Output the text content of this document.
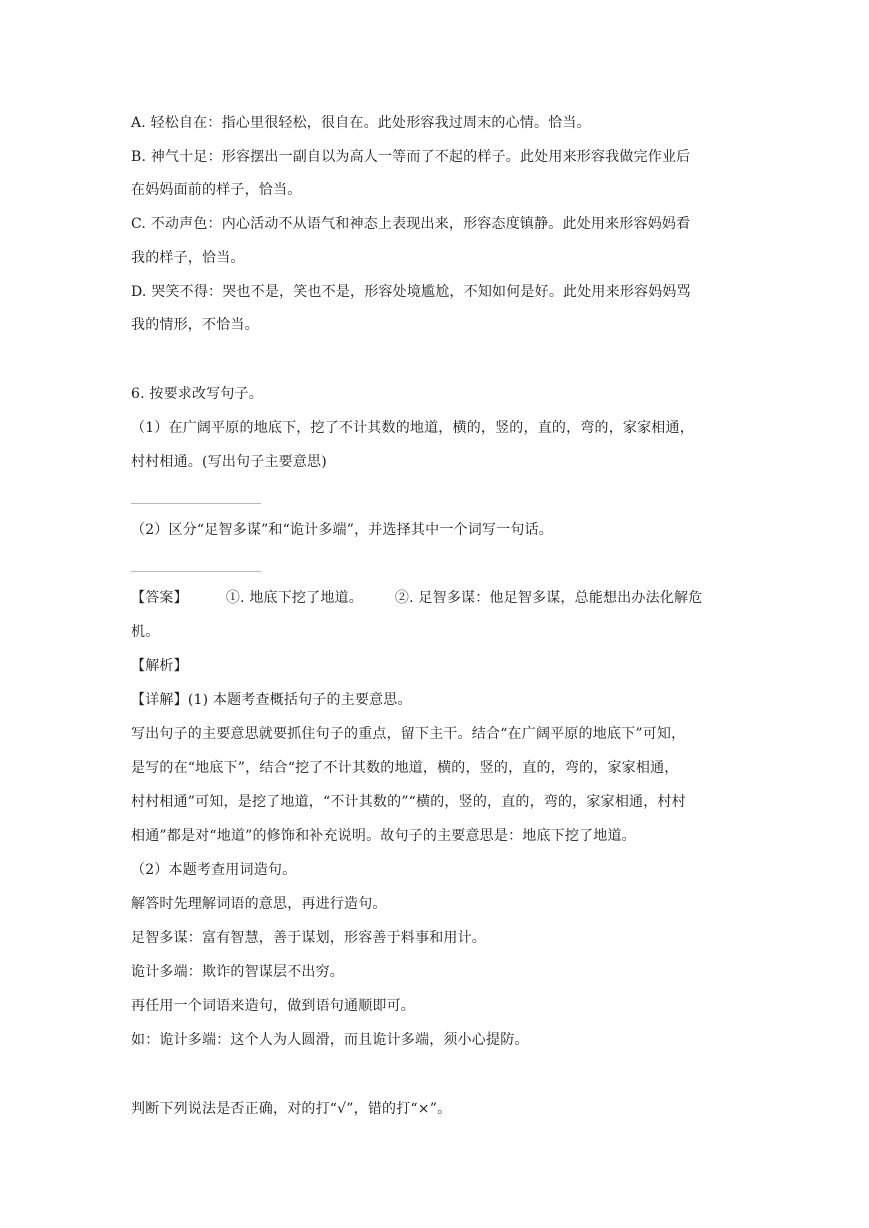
A. 轻松自在：指心里很轻松，很自在。此处形容我过周末的心情。恰当。
B. 神气十足：形容摆出一副自以为高人一等而了不起的样子。此处用来形容我做完作业后
在妈妈面前的样子，恰当。
C. 不动声色：内心活动不从语气和神态上表现出来，形容态度镇静。此处用来形容妈妈看
我的样子，恰当。
D. 哭笑不得：哭也不是，笑也不是，形容处境尴尬，不知如何是好。此处用来形容妈妈骂
我的情形，不恰当。
6. 按要求改写句子。
（1）在广阔平原的地底下，挖了不计其数的地道，横的，竖的，直的，弯的，家家相通，
村村相通。(写出句子主要意思)
（2）区分“足智多谋”和“诡计多端”，并选择其中一个词写一句话。
【答案】	①. 地底下挖了地道。 ②. 足智多谋：他足智多谋，总能想出办法化解危
机。
【解析】
【详解】(1) 本题考查概括句子的主要意思。
写出句子的主要意思就要抓住句子的重点，留下主干。结合“在广阔平原的地底下”可知，
是写的在“地底下”，结合“挖了不计其数的地道，横的，竖的，直的，弯的，家家相通，
村村相通”可知，是挖了地道，“不计其数的”“横的，竖的，直的，弯的，家家相通，村村
相通”都是对“地道”的修饰和补充说明。故句子的主要意思是：地底下挖了地道。
（2）本题考查用词造句。
解答时先理解词语的意思，再进行造句。
足智多谋：富有智慧，善于谋划，形容善于料事和用计。
诡计多端：欺诈的智谋层不出穷。
再任用一个词语来造句，做到语句通顺即可。
如：诡计多端：这个人为人圆滑，而且诡计多端，须小心提防。
判断下列说法是否正确，对的打“√”，错的打“×”。
